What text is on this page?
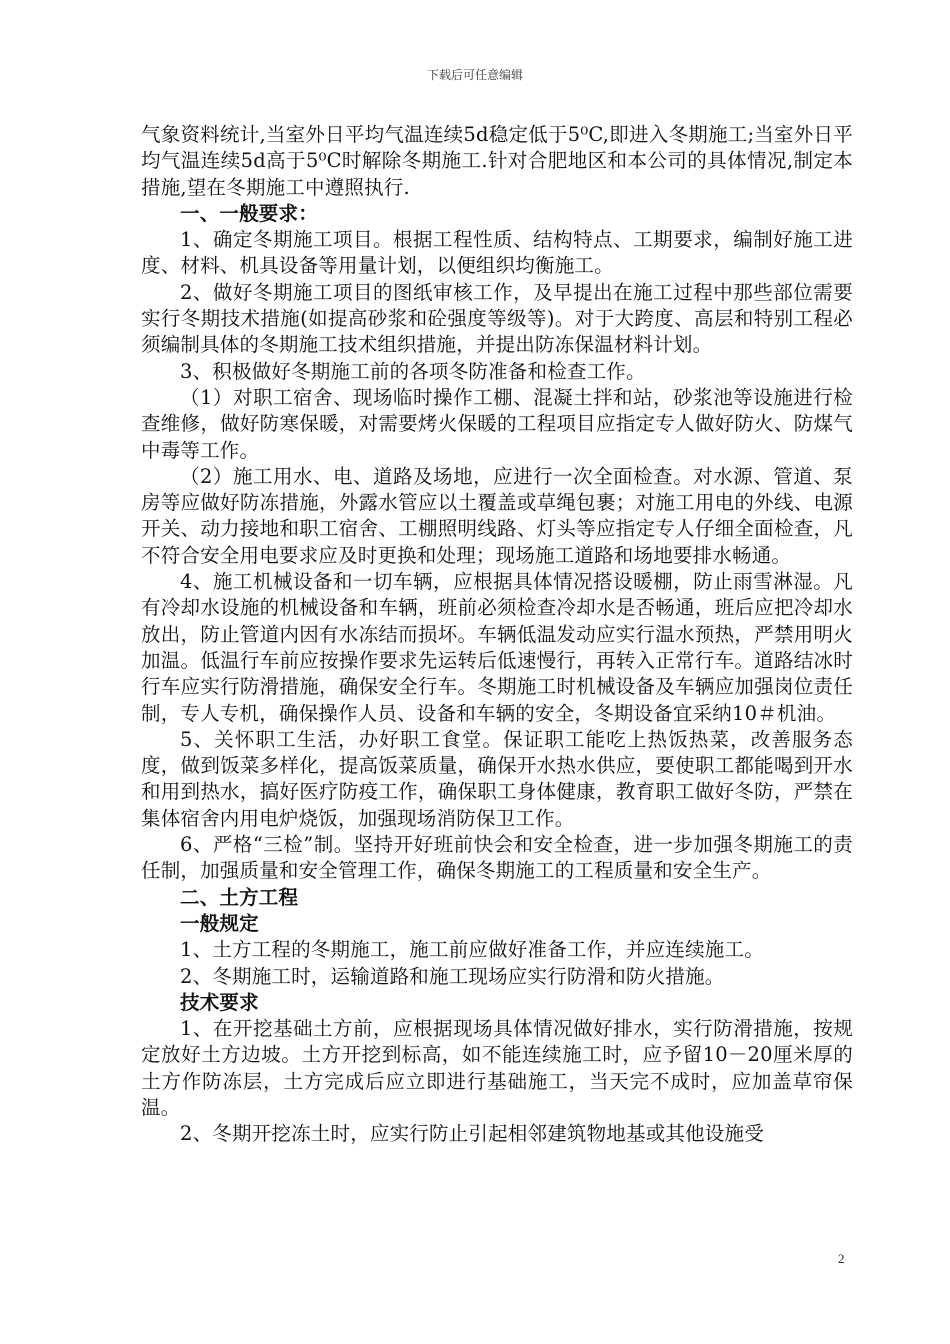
下载后可任意编辑

气象资料统计,当室外日平均气温连续5d稳定低于5⁰C,即进入冬期施工;当室外日平均气温连续5d高于5⁰C时解除冬期施工.针对合肥地区和本公司的具体情况,制定本措施,望在冬期施工中遵照执行.

一、一般要求：

1、确定冬期施工项目。根据工程性质、结构特点、工期要求，编制好施工进度、材料、机具设备等用量计划，以便组织均衡施工。

2、做好冬期施工项目的图纸审核工作，及早提出在施工过程中那些部位需要实行冬期技术措施(如提高砂浆和砼强度等级等)。对于大跨度、高层和特别工程必须编制具体的冬期施工技术组织措施，并提出防冻保温材料计划。

3、积极做好冬期施工前的各项冬防准备和检查工作。

（1）对职工宿舍、现场临时操作工棚、混凝土拌和站，砂浆池等设施进行检查维修，做好防寒保暖，对需要烤火保暖的工程项目应指定专人做好防火、防煤气中毒等工作。

（2）施工用水、电、道路及场地，应进行一次全面检查。对水源、管道、泵房等应做好防冻措施，外露水管应以土覆盖或草绳包裹；对施工用电的外线、电源开关、动力接地和职工宿舍、工棚照明线路、灯头等应指定专人仔细全面检查，凡不符合安全用电要求应及时更换和处理；现场施工道路和场地要排水畅通。

4、施工机械设备和一切车辆，应根据具体情况搭设暖棚，防止雨雪淋湿。凡有冷却水设施的机械设备和车辆，班前必须检查冷却水是否畅通，班后应把冷却水放出，防止管道内因有水冻结而损坏。车辆低温发动应实行温水预热，严禁用明火加温。低温行车前应按操作要求先运转后低速慢行，再转入正常行车。道路结冰时行车应实行防滑措施，确保安全行车。冬期施工时机械设备及车辆应加强岗位责任制，专人专机，确保操作人员、设备和车辆的安全，冬期设备宜采纳10＃机油。

5、关怀职工生活，办好职工食堂。保证职工能吃上热饭热菜，改善服务态度，做到饭菜多样化，提高饭菜质量，确保开水热水供应，要使职工都能喝到开水和用到热水，搞好医疗防疫工作，确保职工身体健康，教育职工做好冬防，严禁在集体宿舍内用电炉烧饭，加强现场消防保卫工作。

6、严格“三检”制。坚持开好班前快会和安全检查，进一步加强冬期施工的责任制，加强质量和安全管理工作，确保冬期施工的工程质量和安全生产。

二、土方工程

一般规定

1、土方工程的冬期施工，施工前应做好准备工作，并应连续施工。

2、冬期施工时，运输道路和施工现场应实行防滑和防火措施。

技术要求

1、在开挖基础土方前，应根据现场具体情况做好排水，实行防滑措施，按规定放好土方边坡。土方开挖到标高，如不能连续施工时，应予留10－20厘米厚的土方作防冻层，土方完成后应立即进行基础施工，当天完不成时，应加盖草帘保温。

2、冬期开挖冻土时，应实行防止引起相邻建筑物地基或其他设施受

2
